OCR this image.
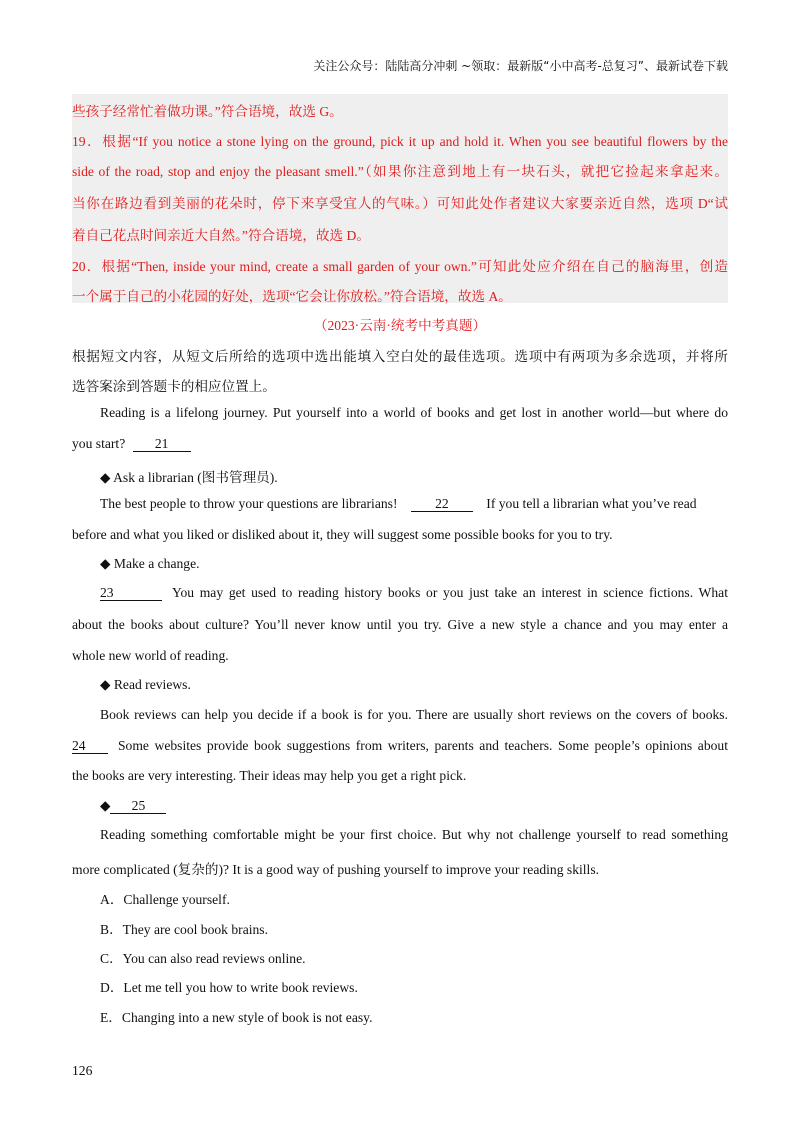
关注公众号：陆陆高分冲刺 ~领取：最新版“小中高考-总复习”、最新试卷下载
些孩子经常忙着做功课。”符合语境，故选 G。
19．根据“If you notice a stone lying on the ground, pick it up and hold it. When you see beautiful flowers by the
side of the road, stop and enjoy the pleasant smell.”（如果你注意到地上有一块石头，就把它捡起来拿起来。
当你在路边看到美丽的花朵时，停下来享受宜人的气味。）可知此处作者建议大家要亲近自然，选项 D“试
着自己花点时间亲近大自然。”符合语境，故选 D。
20．根据“Then, inside your mind, create a small garden of your own.”可知此处应介绍在自己的脑海里，创造
一个属于自己的小花园的好处，选项“它会让你放松。”符合语境，故选 A。
（2023·云南·统考中考真题）
根据短文内容，从短文后所给的选项中选出能填入空白处的最佳选项。选项中有两项为多余选项，并将所
选答案涂到答题卡的相应位置上。
Reading is a lifelong journey. Put yourself into a world of books and get lost in another world—but where do
you start? 21
◆ Ask a librarian (图书管理员).
The best people to throw your questions are librarians!	22	If you tell a librarian what you’ve read
before and what you liked or disliked about it, they will suggest some possible books for you to try.
◆ Make a change.
23	You may get used to reading history books or you just take an interest in science fictions. What
about the books about culture? You’ll never know until you try. Give a new style a chance and you may enter a
whole new world of reading.
◆ Read reviews.
Book reviews can help you decide if a book is for you. There are usually short reviews on the covers of books.
24 Some websites provide book suggestions from writers, parents and teachers. Some people’s opinions about
the books are very interesting. Their ideas may help you get a right pick.
◆ 25
Reading something comfortable might be your first choice. But why not challenge yourself to read something
more complicated (复杂的)? It is a good way of pushing yourself to improve your reading skills.
A．Challenge yourself.
B．They are cool book brains.
C．You can also read reviews online.
D．Let me tell you how to write book reviews.
E．Changing into a new style of book is not easy.
126
